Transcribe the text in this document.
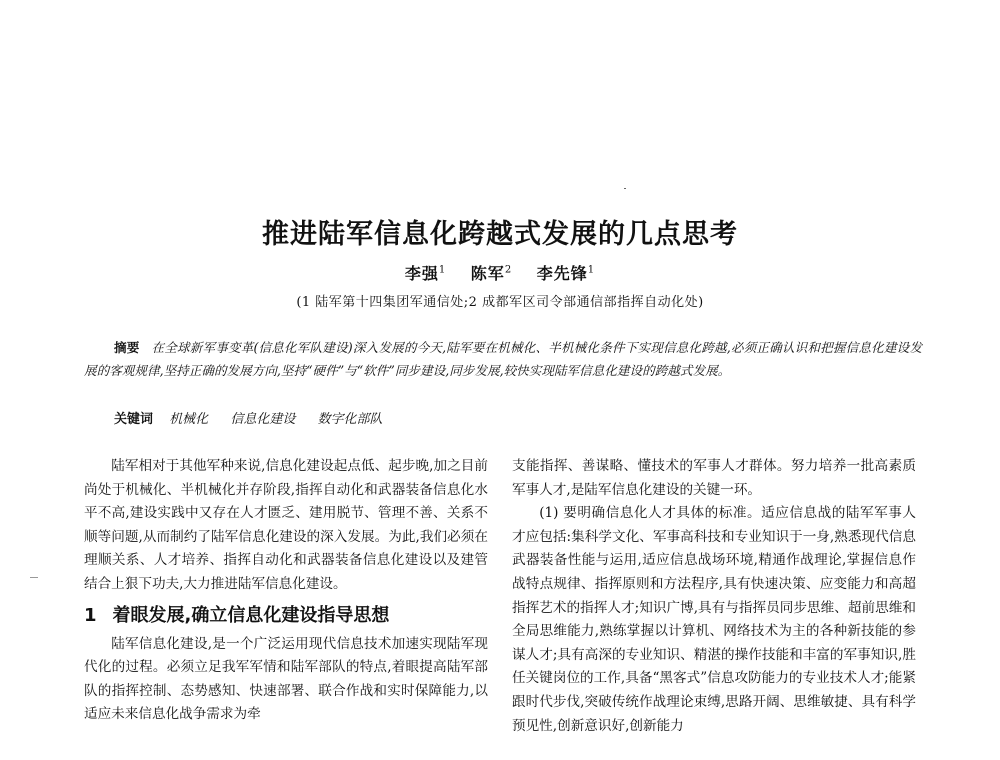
推进陆军信息化跨越式发展的几点思考
李强$^1$ 陈军$^2$ 李先锋$^1$
(1 陆军第十四集团军通信处;2 成都军区司令部通信部指挥自动化处)
摘要 在全球新军事变革(信息化军队建设)深入发展的今天,陆军要在机械化、半机械化条件下实现信息化跨越,必须正确认识和把握信息化建设发展的客观规律,坚持正确的发展方向,坚持“硬件”与“软件”同步建设,同步发展,较快实现陆军信息化建设的跨越式发展。
关键词 机械化 信息化建设 数字化部队

陆军相对于其他军种来说,信息化建设起点低、起步晚,加之目前尚处于机械化、半机械化并存阶段,指挥自动化和武器装备信息化水平不高,建设实践中又存在人才匮乏、建用脱节、管理不善、关系不顺等问题,从而制约了陆军信息化建设的深入发展。为此,我们必须在理顺关系、人才培养、指挥自动化和武器装备信息化建设以及建管结合上狠下功夫,大力推进陆军信息化建设。

1 着眼发展,确立信息化建设指导思想

陆军信息化建设,是一个广泛运用现代信息技术加速实现陆军现代化的过程。必须立足我军军情和陆军部队的特点,着眼提高陆军部队的指挥控制、态势感知、快速部署、联合作战和实时保障能力,以适应未来信息化战争需求为牵

支能指挥、善谋略、懂技术的军事人才群体。努力培养一批高素质军事人才,是陆军信息化建设的关键一环。

(1) 要明确信息化人才具体的标准。适应信息战的陆军军事人才应包括:集科学文化、军事高科技和专业知识于一身,熟悉现代信息武器装备性能与运用,适应信息战场环境,精通作战理论,掌握信息作战特点规律、指挥原则和方法程序,具有快速决策、应变能力和高超指挥艺术的指挥人才;知识广博,具有与指挥员同步思维、超前思维和全局思维能力,熟练掌握以计算机、网络技术为主的各种新技能的参谋人才;具有高深的专业知识、精湛的操作技能和丰富的军事知识,胜任关键岗位的工作,具备“黑客式”信息攻防能力的专业技术人才;能紧跟时代步伐,突破传统作战理论束缚,思路开阔、思维敏捷、具有科学预见性,创新意识好,创新能力
